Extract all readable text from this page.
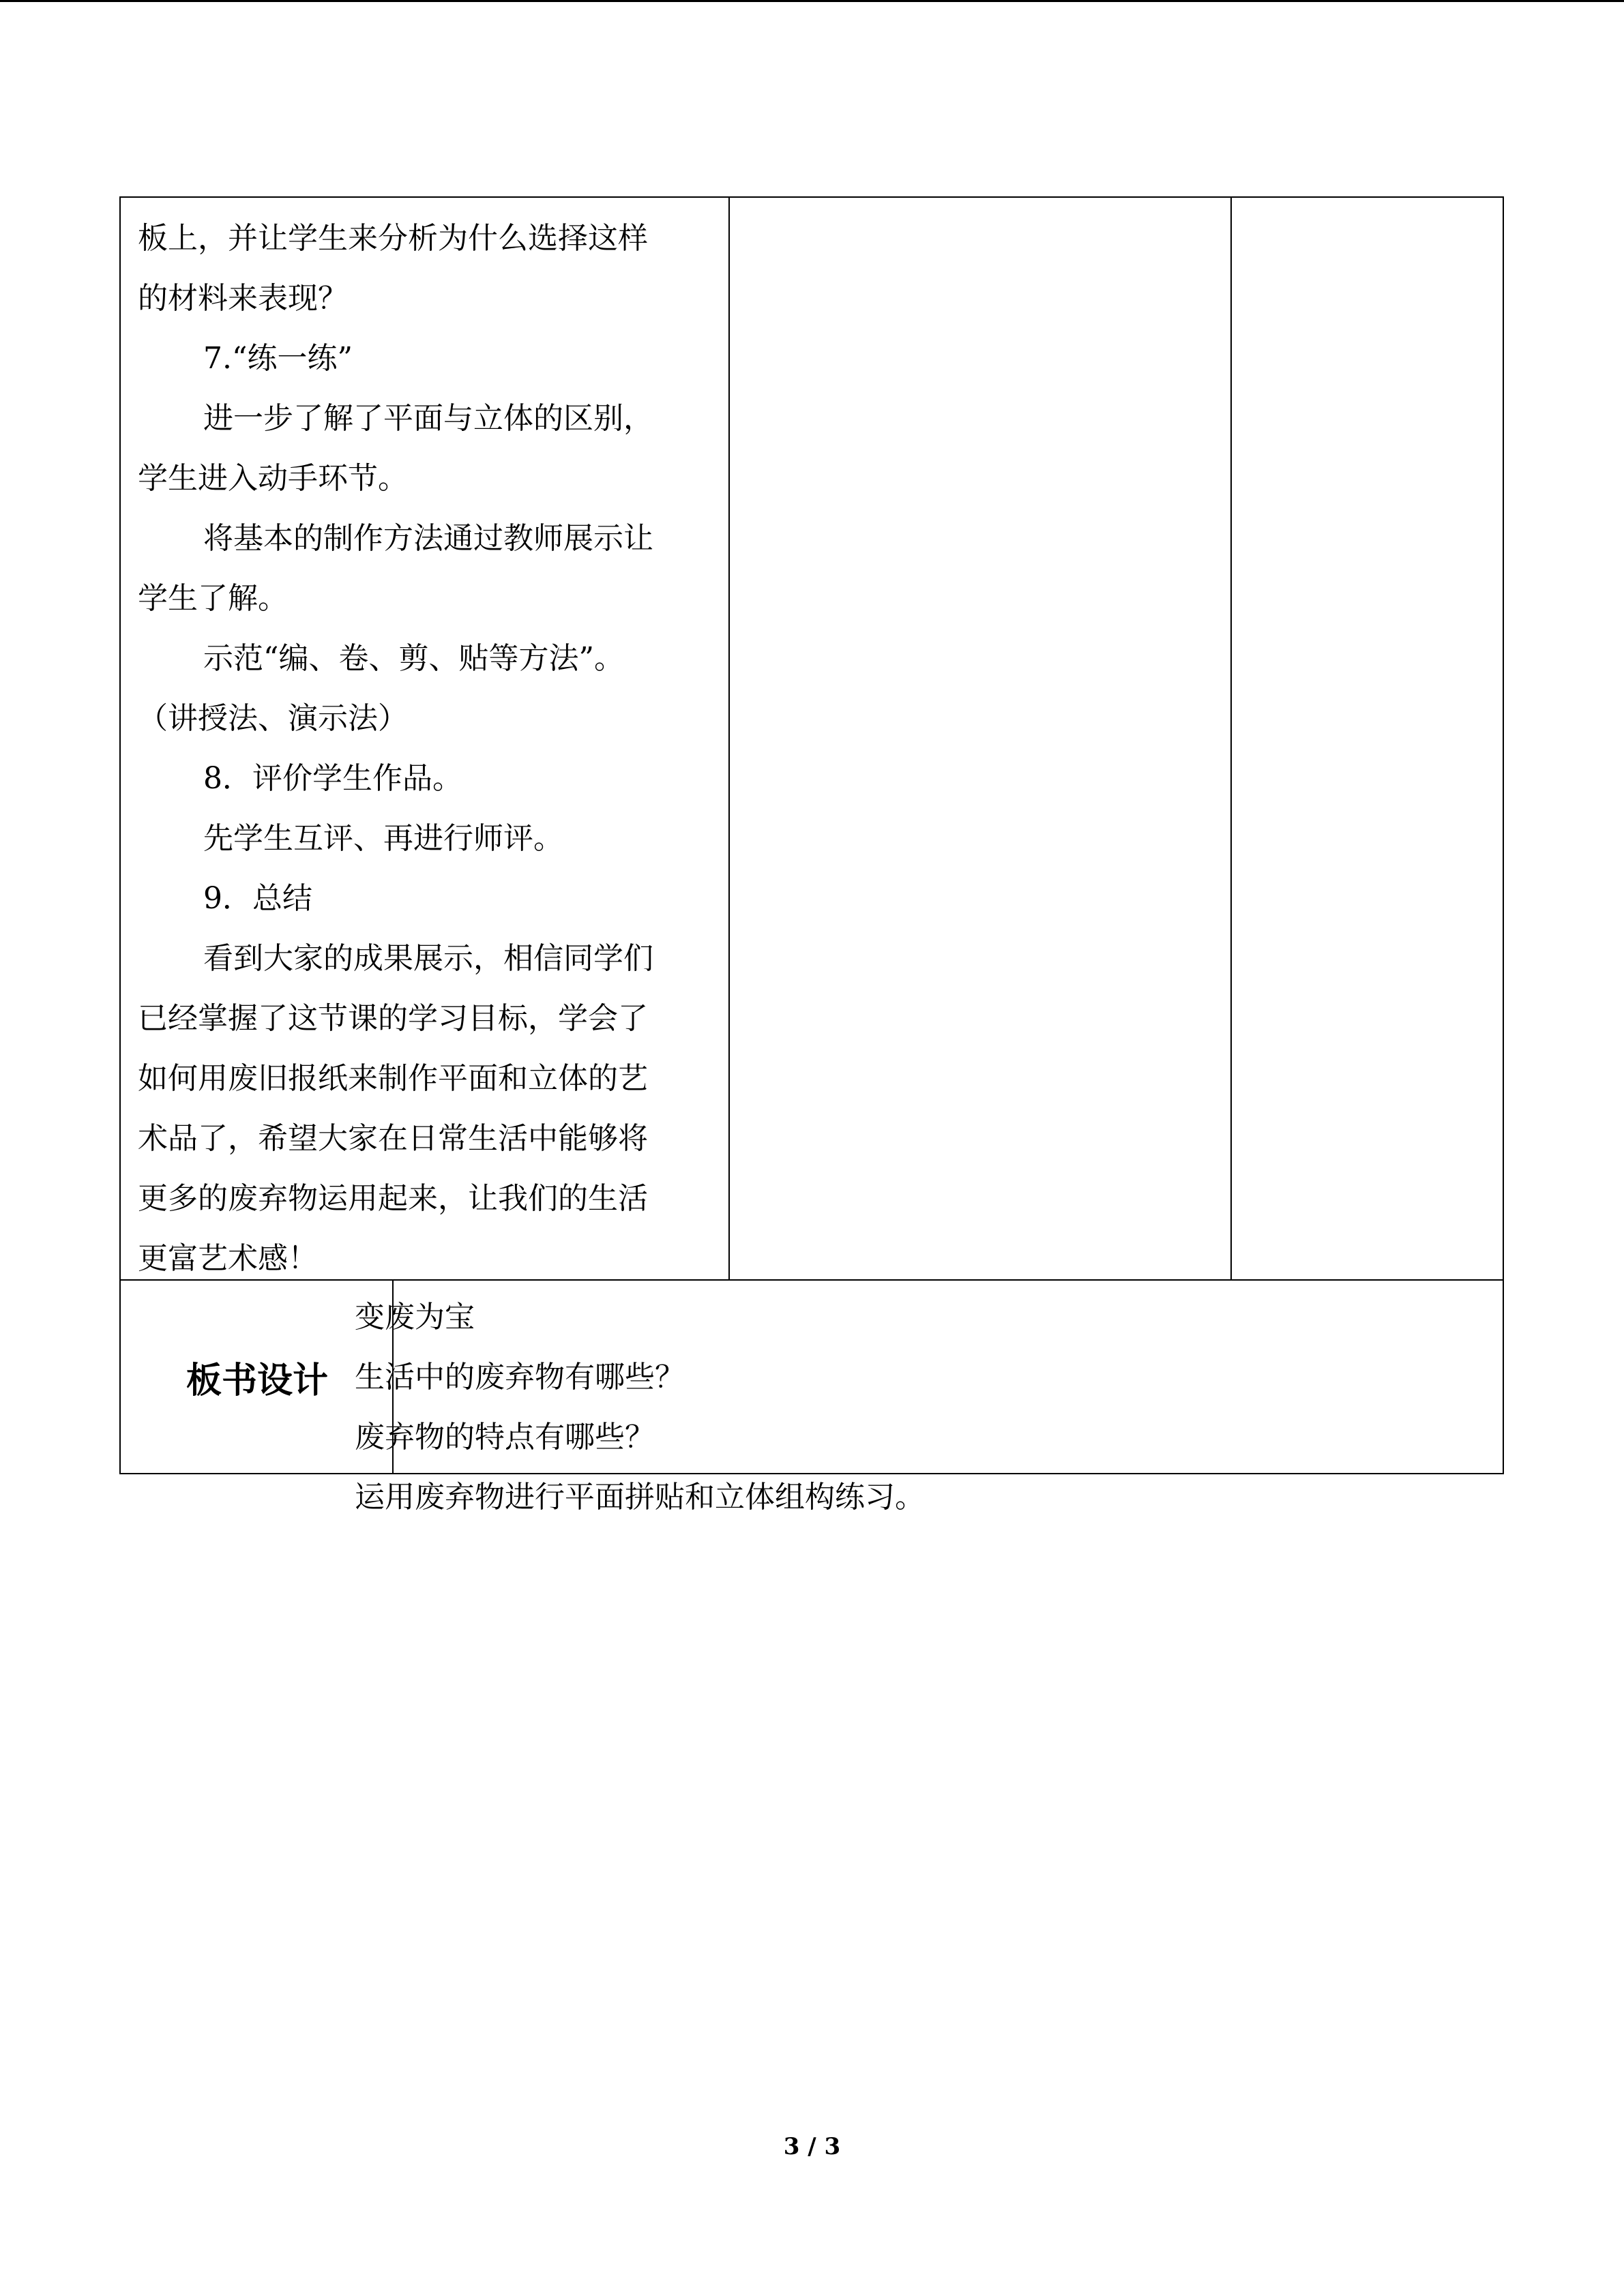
板上，并让学生来分析为什么选择这样

的材料来表现？

7.“练一练”

进一步了解了平面与立体的区别，

学生进入动手环节。

将基本的制作方法通过教师展示让

学生了解。

示范“编、卷、剪、贴等方法”。

（讲授法、演示法）

8．评价学生作品。

先学生互评、再进行师评。

9．总结

看到大家的成果展示，相信同学们

已经掌握了这节课的学习目标，学会了

如何用废旧报纸来制作平面和立体的艺

术品了，希望大家在日常生活中能够将

更多的废弃物运用起来，让我们的生活

更富艺术感！

板书设计

变废为宝

生活中的废弃物有哪些？

废弃物的特点有哪些？

运用废弃物进行平面拼贴和立体组构练习。

3 / 3
